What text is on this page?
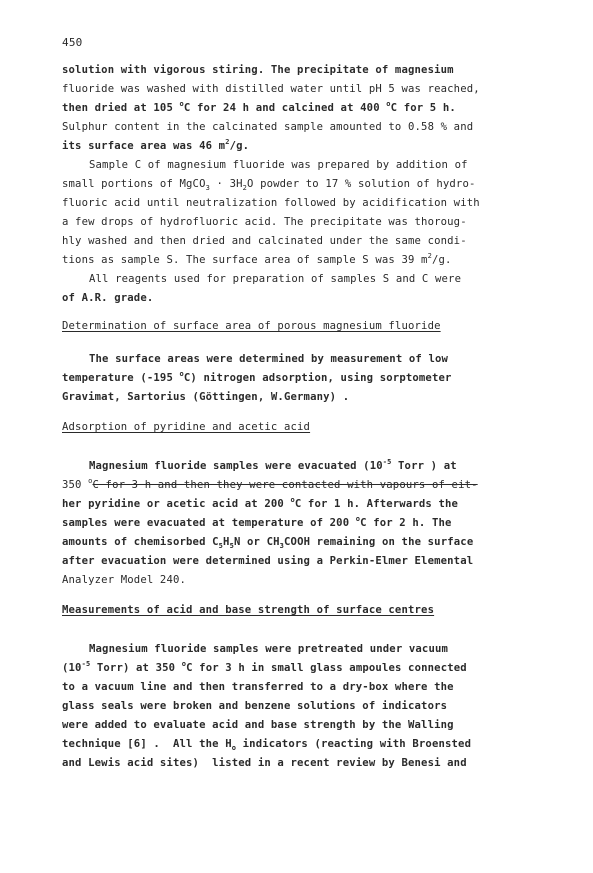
450
solution with vigorous stiring. The precipitate of magnesium
fluoride was washed with distilled water until pH 5 was reached,
then dried at 105 $^o$C for 24 h and calcined at 400 $^o$C for 5 h.
Sulphur content in the calcinated sample amounted to 0.58 % and
its surface area was 46 $m^2/g$.
Sample C of magnesium fluoride was prepared by addition of
small portions of MgCO$_3$ · $3H_2O$ powder to 17 % solution of hydro-
fluoric acid until neutralization followed by acidification with
a few drops of hydrofluoric acid. The precipitate was thoroug-
hly washed and then dried and calcinated under the same condi-
tions as sample S. The surface area of sample S was 39 $m^2/g$.
All reagents used for preparation of samples S and C were
of A.R. grade.
Determination of surface area of porous magnesium fluoride
The surface areas were determined by measurement of low
temperature (-195 $^o$C) nitrogen adsorption, using sorptometer
Gravimat, Sartorius (Göttingen, W.Germany) .
Adsorption of pyridine and acetic acid
Magnesium fluoride samples were evacuated ($10^{-5}$ Torr ) at
350 $^o$C for 3 h and then they were contacted with vapours of eit-
her pyridine or acetic acid at 200 $^o$C for 1 h. Afterwards the
samples were evacuated at temperature of 200 $^o$C for 2 h. The
amounts of chemisorbed $C_5H_5N$ or $CH_3COOH$ remaining on the surface
after evacuation were determined using a Perkin-Elmer Elemental
Analyzer Model 240.
Measurements of acid and base strength of surface centres
Magnesium fluoride samples were pretreated under vacuum
($10^{-5}$ Torr) at 350 $^o$C for 3 h in small glass ampoules connected
to a vacuum line and then transferred to a dry-box where the
glass seals were broken and benzene solutions of indicators
were added to evaluate acid and base strength by the Walling
technique [6] .  All the $H_o$ indicators (reacting with Broensted
and Lewis acid sites)  listed in a recent review by Benesi and
